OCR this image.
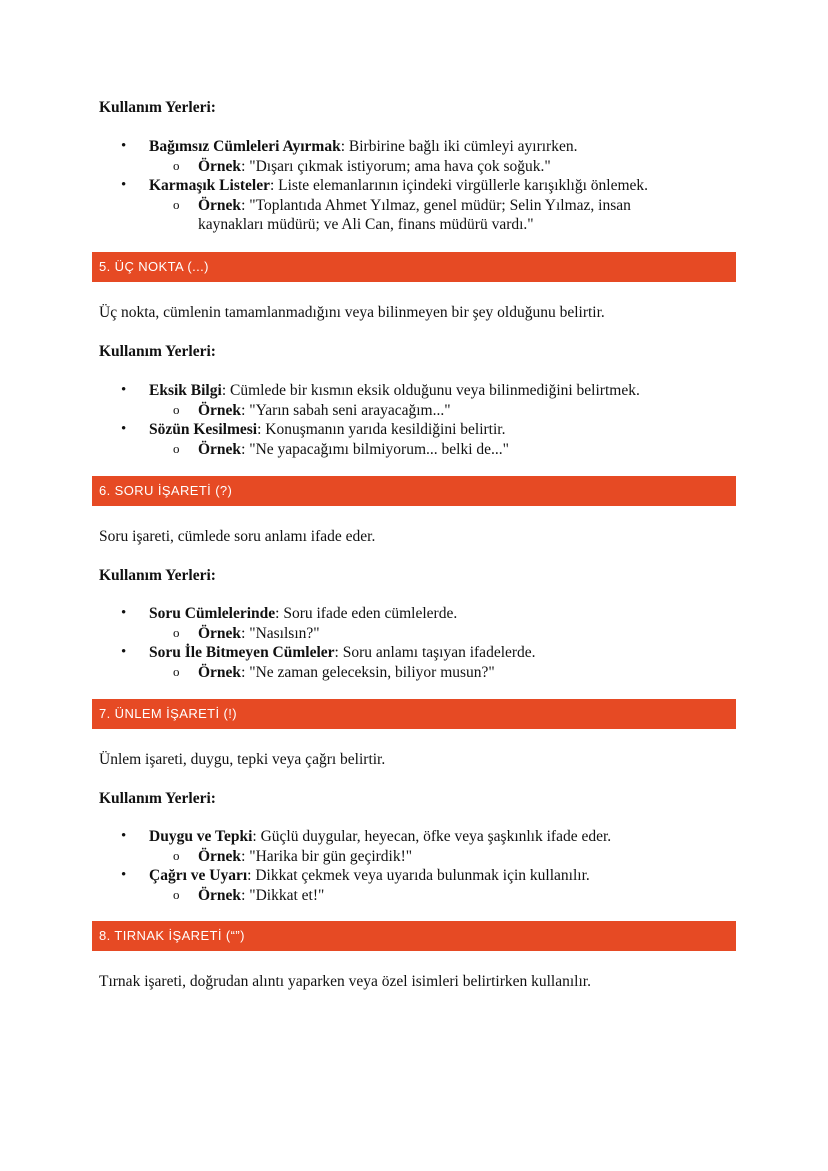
Kullanım Yerleri:
• Bağımsız Cümleleri Ayırmak: Birbirine bağlı iki cümleyi ayırırken.
o Örnek: "Dışarı çıkmak istiyorum; ama hava çok soğuk."
• Karmaşık Listeler: Liste elemanlarının içindeki virgüllerle karışıklığı önlemek.
o Örnek: "Toplantıda Ahmet Yılmaz, genel müdür; Selin Yılmaz, insan kaynakları müdürü; ve Ali Can, finans müdürü vardı."
5. ÜÇ NOKTA (...)
Üç nokta, cümlenin tamamlanmadığını veya bilinmeyen bir şey olduğunu belirtir.
Kullanım Yerleri:
• Eksik Bilgi: Cümlede bir kısmın eksik olduğunu veya bilinmediğini belirtmek.
o Örnek: "Yarın sabah seni arayacağım..."
• Sözün Kesilmesi: Konuşmanın yarıda kesildiğini belirtir.
o Örnek: "Ne yapacağımı bilmiyorum... belki de..."
6. SORU İŞARETİ (?)
Soru işareti, cümlede soru anlamı ifade eder.
Kullanım Yerleri:
• Soru Cümlelerinde: Soru ifade eden cümlelerde.
o Örnek: "Nasılsın?"
• Soru İle Bitmeyen Cümleler: Soru anlamı taşıyan ifadelerde.
o Örnek: "Ne zaman geleceksin, biliyor musun?"
7. ÜNLEM İŞARETİ (!)
Ünlem işareti, duygu, tepki veya çağrı belirtir.
Kullanım Yerleri:
• Duygu ve Tepki: Güçlü duygular, heyecan, öfke veya şaşkınlık ifade eder.
o Örnek: "Harika bir gün geçirdik!"
• Çağrı ve Uyarı: Dikkat çekmek veya uyarıda bulunmak için kullanılır.
o Örnek: "Dikkat et!"
8. TIRNAK İŞARETİ (“”)
Tırnak işareti, doğrudan alıntı yaparken veya özel isimleri belirtirken kullanılır.
